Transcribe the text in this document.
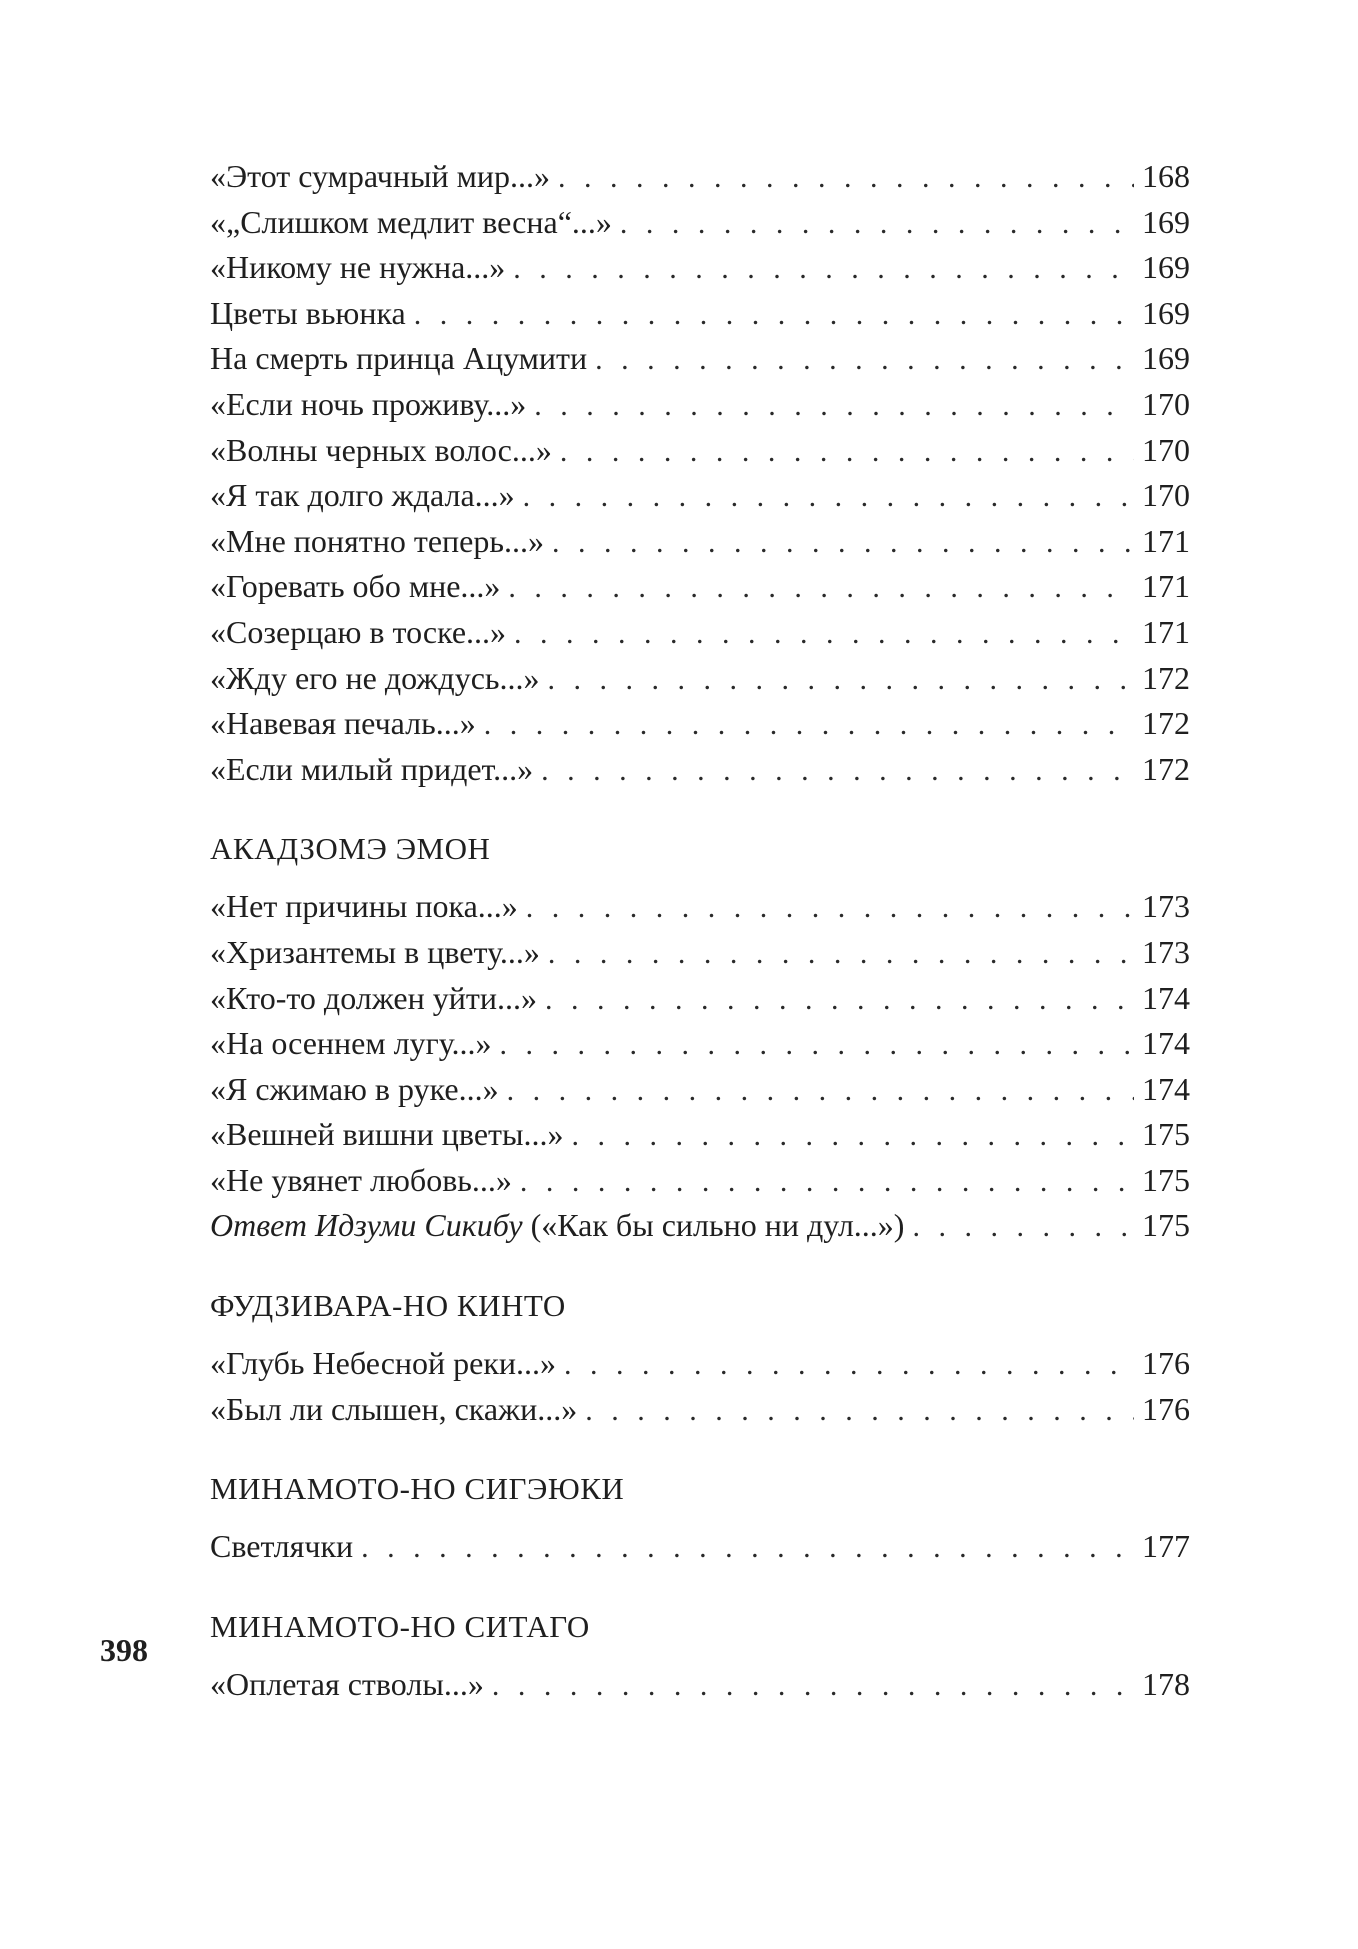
«Этот сумрачный мир...» . . .	168
«„Слишком медлит весна“...» . . .	169
«Никому не нужна...» . . .	169
Цветы вьюнка . . .	169
На смерть принца Ацумити . . .	169
«Если ночь проживу...» . . .	170
«Волны черных волос...» . . .	170
«Я так долго ждала...» . . .	170
«Мне понятно теперь...» . . .	171
«Горевать обо мне...» . . .	171
«Созерцаю в тоске...» . . .	171
«Жду его не дождусь...» . . .	172
«Навевая печаль...» . . .	172
«Если милый придет...» . . .	172
АКАДЗОМЭ ЭМОН
«Нет причины пока...» . . .	173
«Хризантемы в цвету...» . . .	173
«Кто-то должен уйти...» . . .	174
«На осеннем лугу...» . . .	174
«Я сжимаю в руке...» . . .	174
«Вешней вишни цветы...» . . .	175
«Не увянет любовь...» . . .	175
Ответ Идзуми Сикибу («Как бы сильно ни дул...») . . .	175
ФУДЗИВАРА-НО КИНТО
«Глубь Небесной реки...» . . .	176
«Был ли слышен, скажи...» . . .	176
МИНАМОТО-НО СИГЭЮКИ
Светлячки . . .	177
МИНАМОТО-НО СИТАГО
«Оплетая стволы...» . . .	178
398
